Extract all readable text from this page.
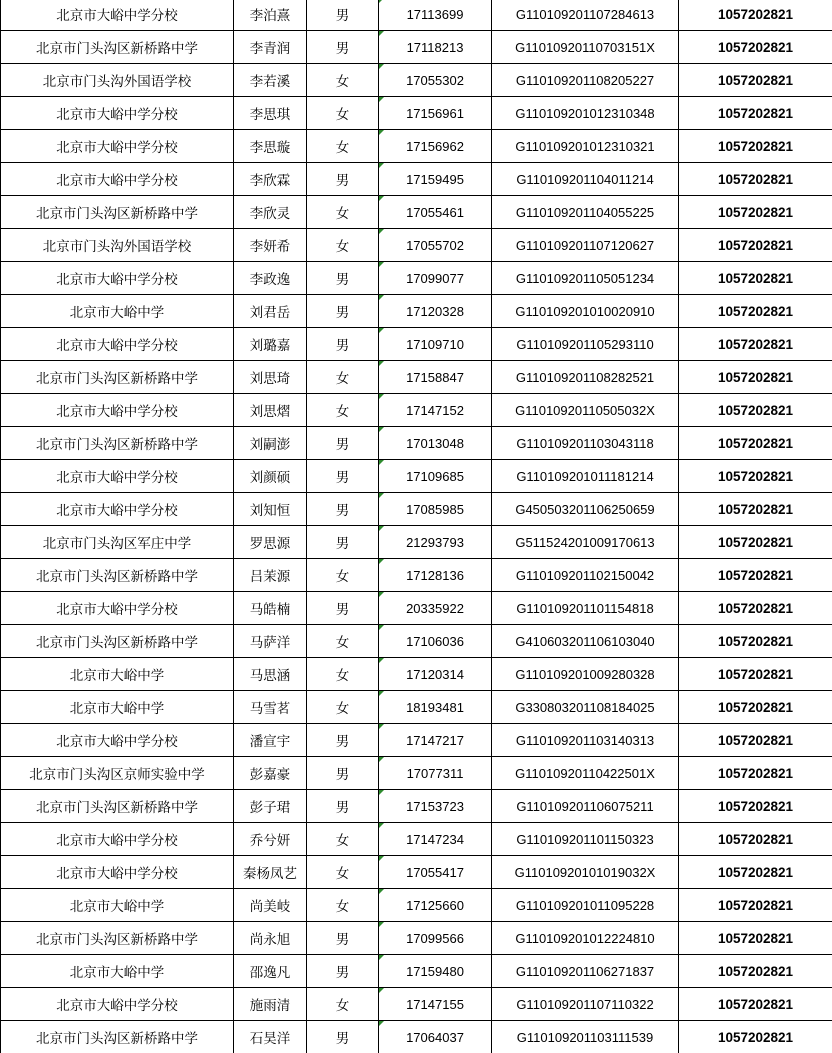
北京市大峪中学分校	李泊熹	男	17113699	G110109201107284613	1057202821
北京市门头沟区新桥路中学	李青润	男	17118213	G11010920110703151X	1057202821
北京市门头沟外国语学校	李若溪	女	17055302	G110109201108205227	1057202821
北京市大峪中学分校	李思琪	女	17156961	G110109201012310348	1057202821
北京市大峪中学分校	李思璇	女	17156962	G110109201012310321	1057202821
北京市大峪中学分校	李欣霖	男	17159495	G110109201104011214	1057202821
北京市门头沟区新桥路中学	李欣灵	女	17055461	G110109201104055225	1057202821
北京市门头沟外国语学校	李妍希	女	17055702	G110109201107120627	1057202821
北京市大峪中学分校	李政逸	男	17099077	G110109201105051234	1057202821
北京市大峪中学	刘君岳	男	17120328	G110109201010020910	1057202821
北京市大峪中学分校	刘璐嘉	男	17109710	G110109201105293110	1057202821
北京市门头沟区新桥路中学	刘思琦	女	17158847	G110109201108282521	1057202821
北京市大峪中学分校	刘思熠	女	17147152	G11010920110505032X	1057202821
北京市门头沟区新桥路中学	刘嗣澎	男	17013048	G110109201103043118	1057202821
北京市大峪中学分校	刘颜硕	男	17109685	G110109201011181214	1057202821
北京市大峪中学分校	刘知恒	男	17085985	G450503201106250659	1057202821
北京市门头沟区军庄中学	罗思源	男	21293793	G511524201009170613	1057202821
北京市门头沟区新桥路中学	吕茉源	女	17128136	G110109201102150042	1057202821
北京市大峪中学分校	马皓楠	男	20335922	G110109201101154818	1057202821
北京市门头沟区新桥路中学	马萨洋	女	17106036	G410603201106103040	1057202821
北京市大峪中学	马思涵	女	17120314	G110109201009280328	1057202821
北京市大峪中学	马雪茗	女	18193481	G330803201108184025	1057202821
北京市大峪中学分校	潘宣宇	男	17147217	G110109201103140313	1057202821
北京市门头沟区京师实验中学	彭嘉豪	男	17077311	G11010920110422501X	1057202821
北京市门头沟区新桥路中学	彭子珺	男	17153723	G110109201106075211	1057202821
北京市大峪中学分校	乔兮妍	女	17147234	G110109201101150323	1057202821
北京市大峪中学分校	秦杨凤艺	女	17055417	G11010920101019032X	1057202821
北京市大峪中学	尚美岐	女	17125660	G110109201011095228	1057202821
北京市门头沟区新桥路中学	尚永旭	男	17099566	G110109201012224810	1057202821
北京市大峪中学	邵逸凡	男	17159480	G110109201106271837	1057202821
北京市大峪中学分校	施雨清	女	17147155	G110109201107110322	1057202821
北京市门头沟区新桥路中学	石昊洋	男	17064037	G110109201103111539	1057202821
